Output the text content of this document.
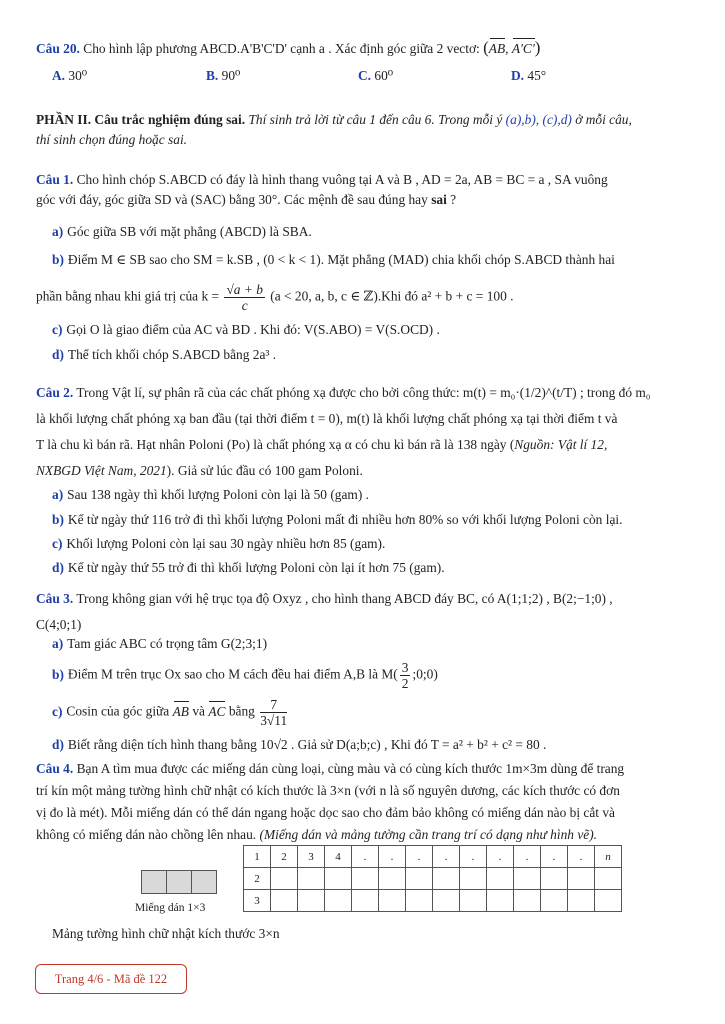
Câu 20. Cho hình lập phương ABCD.A'B'C'D' cạnh a . Xác định góc giữa 2 vectơ: (AB, A'C')
A. 30⁰	B. 90⁰	C. 60⁰	D. 45°
PHẦN II. Câu trắc nghiệm đúng sai. Thí sinh trả lời từ câu 1 đến câu 6. Trong mỗi ý (a),b), (c),d) ở mỗi câu,
thí sinh chọn đúng hoặc sai.
Câu 1. Cho hình chóp S.ABCD có đáy là hình thang vuông tại A và B , AD = 2a, AB = BC = a , SA vuông
góc với đáy, góc giữa SD và (SAC) bằng 30°. Các mệnh đề sau đúng hay sai ?
a) Góc giữa SB với mặt phẳng (ABCD) là SBA.
b) Điểm M ∈ SB sao cho SM = k.SB , (0 < k < 1). Mặt phẳng (MAD) chia khối chóp S.ABCD thành hai
phần bằng nhau khi giá trị của $k = \frac{√a + b}{c} (a < 20$, a, b, c ∈ ℤ).Khi đó a² + b + c = 100 .
c) Gọi O là giao điểm của AC và BD . Khi đó: V(S.ABO) = V(S.OCD) .
d) Thể tích khối chóp S.ABCD bằng 2a³ .
Câu 2. Trong Vật lí, sự phân rã của các chất phóng xạ được cho bởi công thức: m(t) = m₀·(1/2)^(t/T) ; trong đó m₀
là khối lượng chất phóng xạ ban đầu (tại thời điểm t = 0), m(t) là khối lượng chất phóng xạ tại thời điểm t và
T là chu kì bán rã. Hạt nhân Poloni (Po) là chất phóng xạ α có chu kì bán rã là 138 ngày (Nguồn: Vật lí 12,
NXBGD Việt Nam, 2021). Giả sử lúc đầu có 100 gam Poloni.
a) Sau 138 ngày thì khối lượng Poloni còn lại là 50 (gam) .
b) Kể từ ngày thứ 116 trở đi thì khối lượng Poloni mất đi nhiều hơn 80% so với khối lượng Poloni còn lại.
c) Khối lượng Poloni còn lại sau 30 ngày nhiều hơn 85 (gam).
d) Kể từ ngày thứ 55 trở đi thì khối lượng Poloni còn lại ít hơn 75 (gam).
Câu 3. Trong không gian với hệ trục tọa độ Oxyz , cho hình thang ABCD đáy BC, có A(1;1;2) , B(2;−1;0) ,
C(4;0;1)
a) Tam giác ABC có trọng tâm G(2;3;1)
b) Điểm M trên trục Ox sao cho M cách đều hai điểm A,B là $M( \frac{3}{2}$ ;0;0)
c) Cosin của góc giữa AB và AC bằng $\frac{7}{3√11}$
d) Biết rằng diện tích hình thang bằng 10√2 . Giả sử D(a;b;c) , Khi đó T = a² + b² + c² = 80 .
Câu 4. Bạn A tìm mua được các miếng dán cùng loại, cùng màu và có cùng kích thước 1m×3m dùng để trang
trí kín một mảng tường hình chữ nhật có kích thước là 3×n (với n là số nguyên dương, các kích thước có đơn
vị đo là mét). Mỗi miếng dán có thể dán ngang hoặc dọc sao cho đảm bảo không có miếng dán nào bị cắt và
không có miếng dán nào chồng lên nhau. (Miếng dán và mảng tường cần trang trí có dạng như hình vẽ).
Miếng dán 1×3
1	2	3	4	.	.	.	.	.	.	.	.	.	n
2													
3													
Mảng tường hình chữ nhật kích thước 3×n
Trang 4/6 - Mã đề 122
